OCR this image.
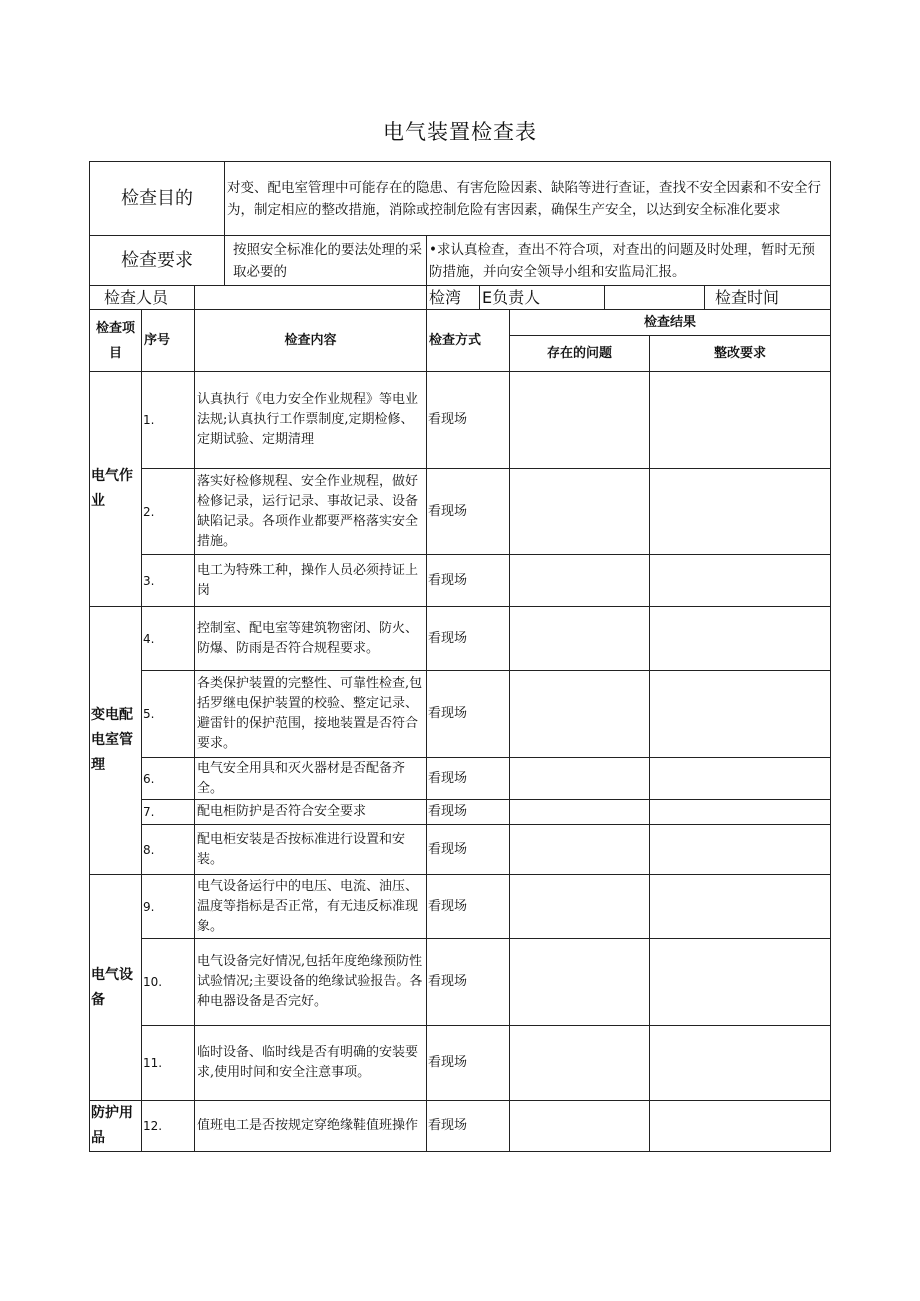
电气装置检查表
检查目的			对变、配电室管理中可能存在的隐患、有害危险因素、缺陷等进行查证，查找不安全因素和不安全行为，制定相应的整改措施，消除或控制危险有害因素，确保生产安全，以达到安全标准化要求						
检查要求			按照安全标准化的要法处理的采取必要的	•求认真检查，查出不符合项，对查出的问题及时处理，暂时无预防措施，并向安全领导小组和安监局汇报。					
检查人员				检湾	E负责人				检查时间
检查项目	序号	检查内容		检查方式		检查结果			
						存在的问题		整改要求	
电气作业	1.	认真执行《电力安全作业规程》等电业法规;认真执行工作票制度,定期检修、定期试验、定期清理		看现场					
	2.	落实好检修规程、安全作业规程，做好检修记录，运行记录、事故记录、设备缺陷记录。各项作业都要严格落实安全措施。		看现场					
	3.	电工为特殊工种，操作人员必须持证上岗		看现场					
变电配电室管理	4.	控制室、配电室等建筑物密闭、防火、防爆、防雨是否符合规程要求。		看现场					
	5.	各类保护装置的完整性、可靠性检查,包括罗继电保护装置的校验、整定记录、避雷针的保护范围，接地装置是否符合要求。		看现场					
	6.	电气安全用具和灭火器材是否配备齐全。		看现场					
	7.	配电柜防护是否符合安全要求		看现场					
	8.	配电柜安装是否按标准进行设置和安装。		看现场					
电气设备	9.	电气设备运行中的电压、电流、油压、温度等指标是否正常，有无违反标准现象。		看现场					
	10.	电气设备完好情况,包括年度绝缘预防性试验情况;主要设备的绝缘试验报告。各种电器设备是否完好。		看现场					
	11.	临时设备、临时线是否有明确的安装要求,使用时间和安全注意事项。		看现场					
防护用品	12.	值班电工是否按规定穿绝缘鞋值班操作		看现场					
